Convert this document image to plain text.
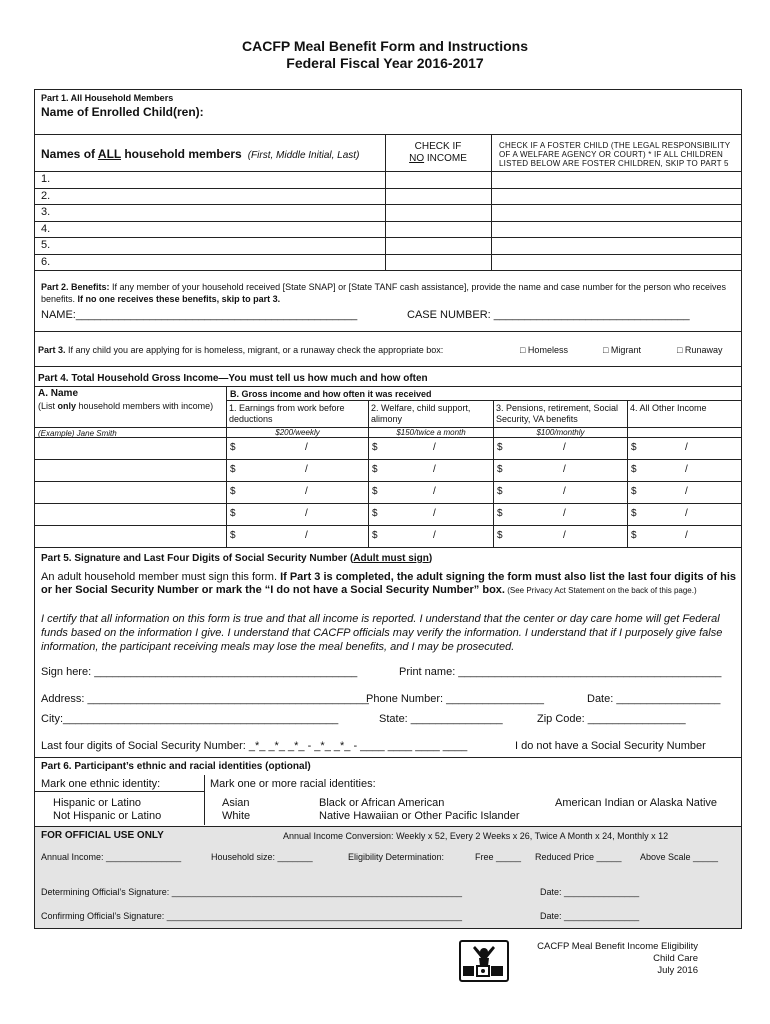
CACFP Meal Benefit Form and Instructions
Federal Fiscal Year 2016-2017
Part 1. All Household Members
Name of Enrolled Child(ren):
Names of ALL household members (First, Middle Initial, Last)
CHECK IF
NO INCOME
CHECK IF A FOSTER CHILD (THE LEGAL RESPONSIBILITY OF A WELFARE AGENCY OR COURT) * IF ALL CHILDREN LISTED BELOW ARE FOSTER CHILDREN, SKIP TO PART 5
1.
2.
3.
4.
5.
6.
Part 2. Benefits: If any member of your household received [State SNAP] or [State TANF cash assistance], provide the name and case number for the person who receives benefits. If no one receives these benefits, skip to part 3.
NAME:______________________________________________	CASE NUMBER: ________________________________
Part 3. If any child you are applying for is homeless, migrant, or a runaway check the appropriate box:	□ Homeless	□ Migrant	□ Runaway
Part 4. Total Household Gross Income—You must tell us how much and how often
A. Name
(List only household members with income)
B. Gross income and how often it was received
1. Earnings from work before deductions
2. Welfare, child support, alimony
3. Pensions, retirement, Social Security, VA benefits
4. All Other Income
(Example) Jane Smith	$200/weekly	$150/twice a month	$100/monthly
$	/	$	/	$	/	$	/
$	/	$	/	$	/	$	/
$	/	$	/	$	/	$	/
$	/	$	/	$	/	$	/
$	/	$	/	$	/	$	/
Part 5. Signature and Last Four Digits of Social Security Number (Adult must sign)
An adult household member must sign this form. If Part 3 is completed, the adult signing the form must also list the last four digits of his or her Social Security Number or mark the “I do not have a Social Security Number” box. (See Privacy Act Statement on the back of this page.)
I certify that all information on this form is true and that all income is reported. I understand that the center or day care home will get Federal funds based on the information I give. I understand that CACFP officials may verify the information. I understand that if I purposely give false information, the participant receiving meals may lose the meal benefits, and I may be prosecuted.
Sign here: ___________________________________________	Print name: ___________________________________________
Address: ______________________________________________
Phone Number: ________________	Date: _________________
City:_____________________________________________	State: _______________	Zip Code: ________________
Last four digits of Social Security Number: _*_ _*_ _*_ - _*_ _*_ - ____ ____ ____ ____	I do not have a Social Security Number
Part 6. Participant’s ethnic and racial identities (optional)
Mark one ethnic identity:	Mark one or more racial identities:
Hispanic or Latino
Not Hispanic or Latino
Asian
White
Black or African American
Native Hawaiian or Other Pacific Islander
American Indian or Alaska Native
FOR OFFICIAL USE ONLY	Annual Income Conversion: Weekly x 52, Every 2 Weeks x 26, Twice A Month x 24, Monthly x 12
Annual Income: _______________	Household size: _______	Eligibility Determination:	Free _____ Reduced Price _____ Above Scale _____
Determining Official’s Signature: __________________________________________________________	Date: _______________
Confirming Official’s Signature: ___________________________________________________________	Date: _______________
CACFP Meal Benefit Income Eligibility
Child Care
July 2016
